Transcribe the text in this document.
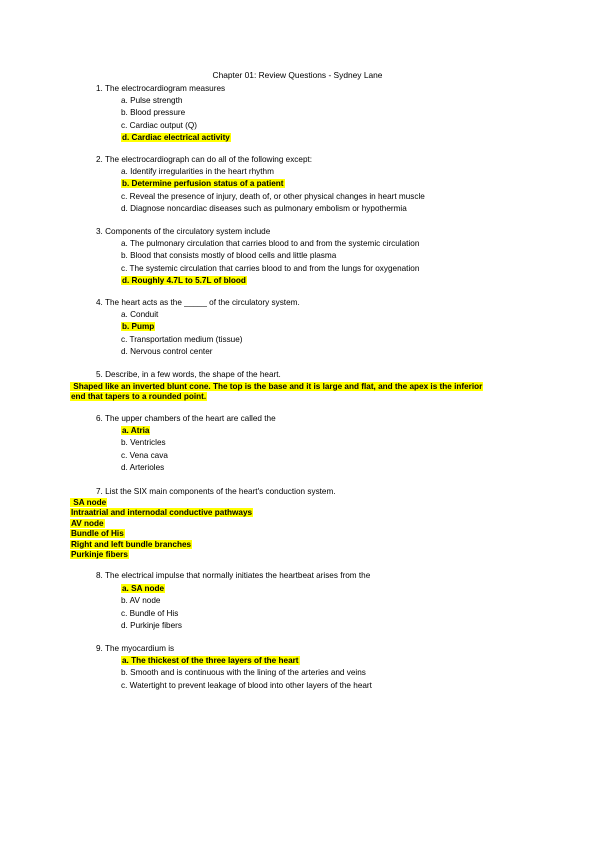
Chapter 01: Review Questions - Sydney Lane
1. The electrocardiogram measures
a. Pulse strength
b. Blood pressure
c. Cardiac output (Q)
d. Cardiac electrical activity
2. The electrocardiograph can do all of the following except:
a. Identify irregularities in the heart rhythm
b. Determine perfusion status of a patient
c. Reveal the presence of injury, death of, or other physical changes in heart muscle
d. Diagnose noncardiac diseases such as pulmonary embolism or hypothermia
3. Components of the circulatory system include
a. The pulmonary circulation that carries blood to and from the systemic circulation
b. Blood that consists mostly of blood cells and little plasma
c. The systemic circulation that carries blood to and from the lungs for oxygenation
d. Roughly 4.7L to 5.7L of blood
4. The heart acts as the _____ of the circulatory system.
a. Conduit
b. Pump
c. Transportation medium (tissue)
d. Nervous control center
5. Describe, in a few words, the shape of the heart.
Shaped like an inverted blunt cone. The top is the base and it is large and flat, and the apex is the inferior
end that tapers to a rounded point.
6. The upper chambers of the heart are called the
a. Atria
b. Ventricles
c. Vena cava
d. Arterioles
7. List the SIX main components of the heart's conduction system.
SA node
Intraatrial and internodal conductive pathways
AV node
Bundle of His
Right and left bundle branches
Purkinje fibers
8. The electrical impulse that normally initiates the heartbeat arises from the
a. SA node
b. AV node
c. Bundle of His
d. Purkinje fibers
9. The myocardium is
a. The thickest of the three layers of the heart
b. Smooth and is continuous with the lining of the arteries and veins
c. Watertight to prevent leakage of blood into other layers of the heart
